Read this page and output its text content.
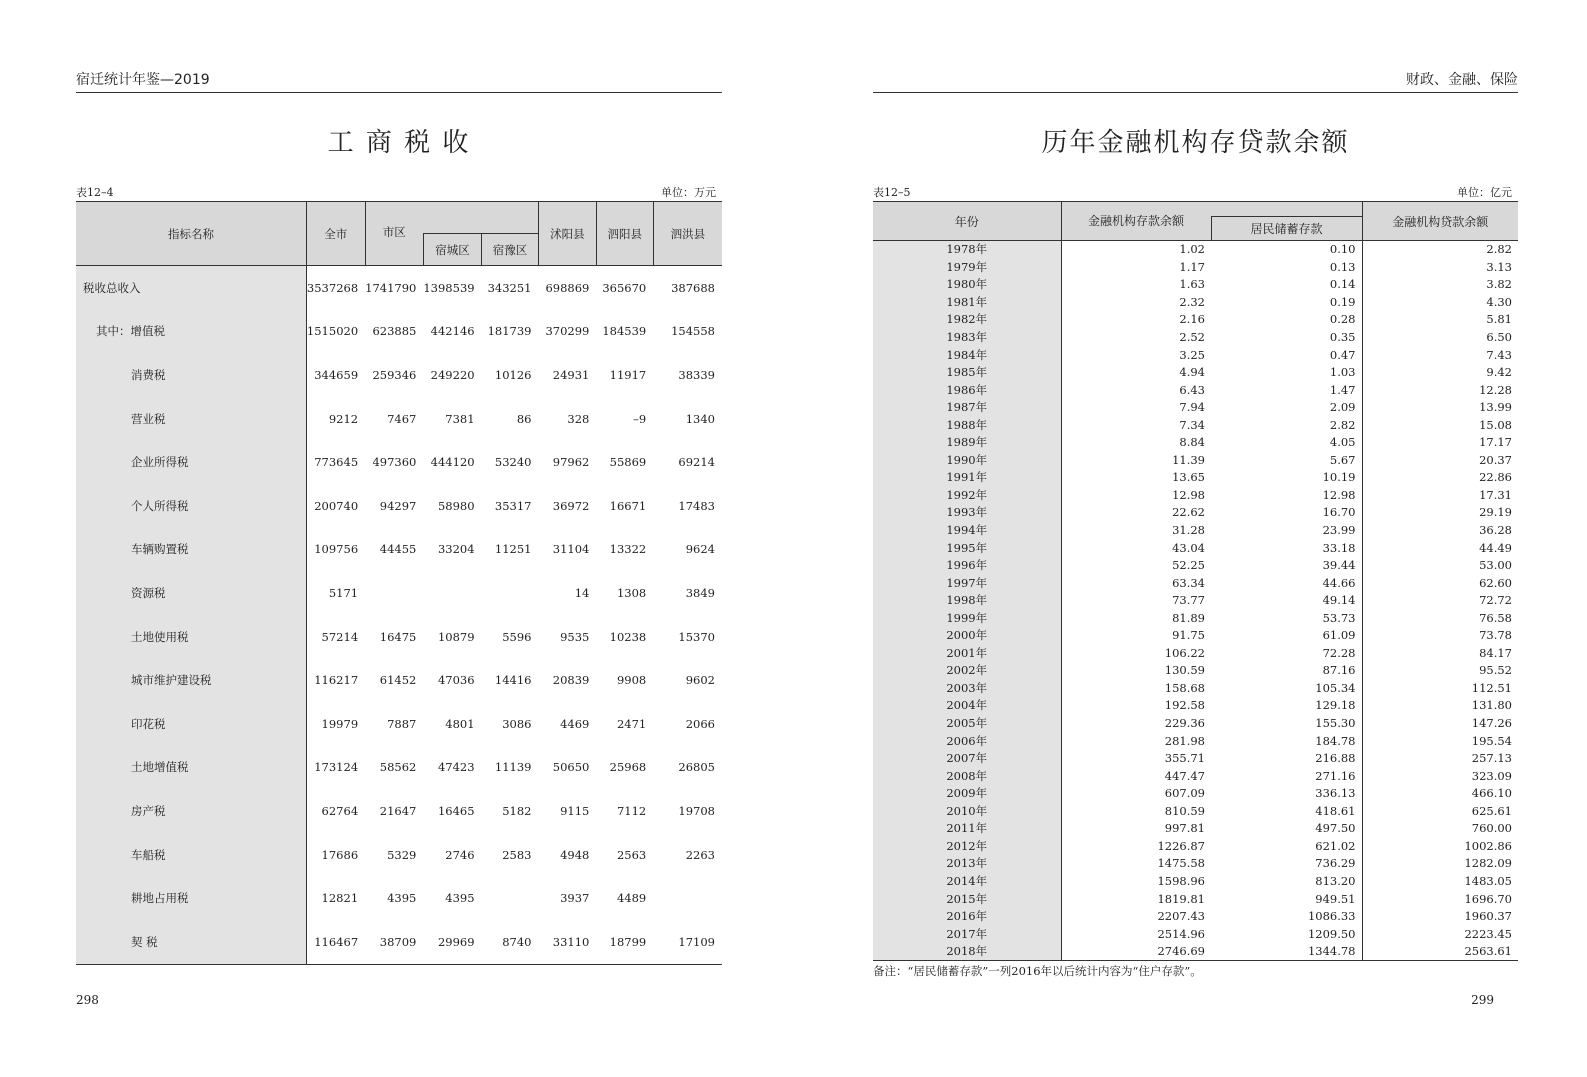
宿迁统计年鉴—2019
工 商 税 收
表12–4	单位：万元
指标名称	全市	市区			沭阳县	泗阳县	泗洪县
			宿城区	宿豫区			
税收总收入	3537268	1741790	1398539	343251	698869	365670	387688
其中：增值税	1515020	623885	442146	181739	370299	184539	154558
消费税	344659	259346	249220	10126	24931	11917	38339
营业税	9212	7467	7381	86	328	–9	1340
企业所得税	773645	497360	444120	53240	97962	55869	69214
个人所得税	200740	94297	58980	35317	36972	16671	17483
车辆购置税	109756	44455	33204	11251	31104	13322	9624
资源税	5171				14	1308	3849
土地使用税	57214	16475	10879	5596	9535	10238	15370
城市维护建设税	116217	61452	47036	14416	20839	9908	9602
印花税	19979	7887	4801	3086	4469	2471	2066
土地增值税	173124	58562	47423	11139	50650	25968	26805
房产税	62764	21647	16465	5182	9115	7112	19708
车船税	17686	5329	2746	2583	4948	2563	2263
耕地占用税	12821	4395	4395		3937	4489	
契 税	116467	38709	29969	8740	33110	18799	17109
298
财政、金融、保险
历年金融机构存贷款余额
表12–5	单位：亿元
年份	金融机构存款余额		金融机构贷款余额
		居民储蓄存款	
1978年	1.02	0.10	2.82
1979年	1.17	0.13	3.13
1980年	1.63	0.14	3.82
1981年	2.32	0.19	4.30
1982年	2.16	0.28	5.81
1983年	2.52	0.35	6.50
1984年	3.25	0.47	7.43
1985年	4.94	1.03	9.42
1986年	6.43	1.47	12.28
1987年	7.94	2.09	13.99
1988年	7.34	2.82	15.08
1989年	8.84	4.05	17.17
1990年	11.39	5.67	20.37
1991年	13.65	10.19	22.86
1992年	12.98	12.98	17.31
1993年	22.62	16.70	29.19
1994年	31.28	23.99	36.28
1995年	43.04	33.18	44.49
1996年	52.25	39.44	53.00
1997年	63.34	44.66	62.60
1998年	73.77	49.14	72.72
1999年	81.89	53.73	76.58
2000年	91.75	61.09	73.78
2001年	106.22	72.28	84.17
2002年	130.59	87.16	95.52
2003年	158.68	105.34	112.51
2004年	192.58	129.18	131.80
2005年	229.36	155.30	147.26
2006年	281.98	184.78	195.54
2007年	355.71	216.88	257.13
2008年	447.47	271.16	323.09
2009年	607.09	336.13	466.10
2010年	810.59	418.61	625.61
2011年	997.81	497.50	760.00
2012年	1226.87	621.02	1002.86
2013年	1475.58	736.29	1282.09
2014年	1598.96	813.20	1483.05
2015年	1819.81	949.51	1696.70
2016年	2207.43	1086.33	1960.37
2017年	2514.96	1209.50	2223.45
2018年	2746.69	1344.78	2563.61
备注：“居民储蓄存款”一列2016年以后统计内容为“住户存款”。
299
